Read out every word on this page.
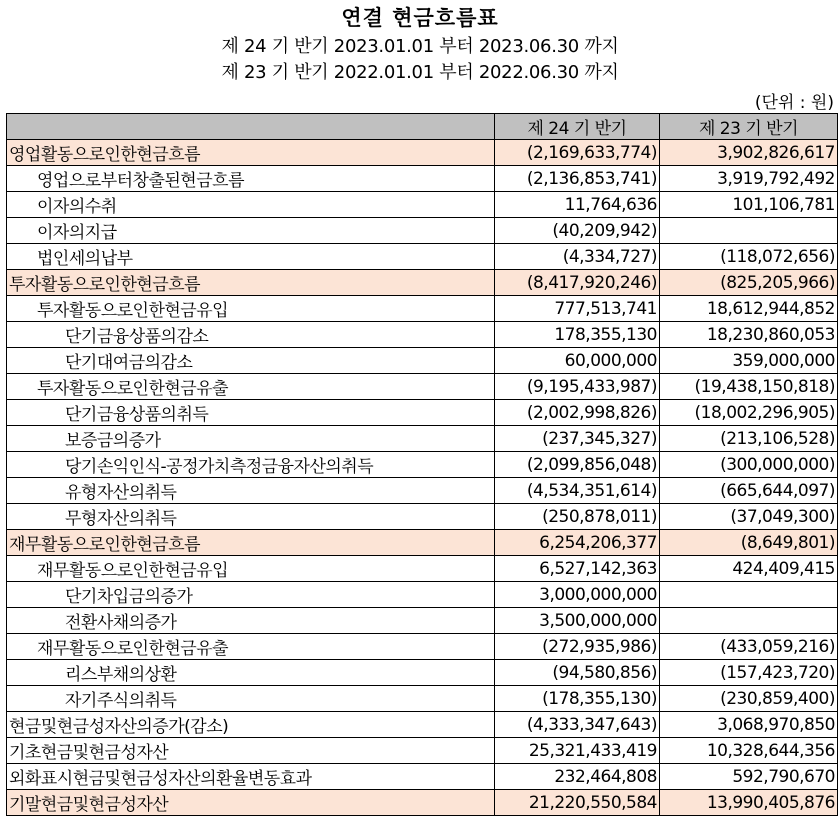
연결 현금흐름표
제 24 기 반기 2023.01.01 부터 2023.06.30 까지
제 23 기 반기 2022.01.01 부터 2022.06.30 까지
(단위 : 원)
	제 24 기 반기	제 23 기 반기
영업활동으로인한현금흐름	(2,169,633,774)	3,902,826,617
영업으로부터창출된현금흐름	(2,136,853,741)	3,919,792,492
이자의수취	11,764,636	101,106,781
이자의지급	(40,209,942)	
법인세의납부	(4,334,727)	(118,072,656)
투자활동으로인한현금흐름	(8,417,920,246)	(825,205,966)
투자활동으로인한현금유입	777,513,741	18,612,944,852
단기금융상품의감소	178,355,130	18,230,860,053
단기대여금의감소	60,000,000	359,000,000
투자활동으로인한현금유출	(9,195,433,987)	(19,438,150,818)
단기금융상품의취득	(2,002,998,826)	(18,002,296,905)
보증금의증가	(237,345,327)	(213,106,528)
당기손익인식-공정가치측정금융자산의취득	(2,099,856,048)	(300,000,000)
유형자산의취득	(4,534,351,614)	(665,644,097)
무형자산의취득	(250,878,011)	(37,049,300)
재무활동으로인한현금흐름	6,254,206,377	(8,649,801)
재무활동으로인한현금유입	6,527,142,363	424,409,415
단기차입금의증가	3,000,000,000	
전환사채의증가	3,500,000,000	
재무활동으로인한현금유출	(272,935,986)	(433,059,216)
리스부채의상환	(94,580,856)	(157,423,720)
자기주식의취득	(178,355,130)	(230,859,400)
현금및현금성자산의증가(감소)	(4,333,347,643)	3,068,970,850
기초현금및현금성자산	25,321,433,419	10,328,644,356
외화표시현금및현금성자산의환율변동효과	232,464,808	592,790,670
기말현금및현금성자산	21,220,550,584	13,990,405,876
